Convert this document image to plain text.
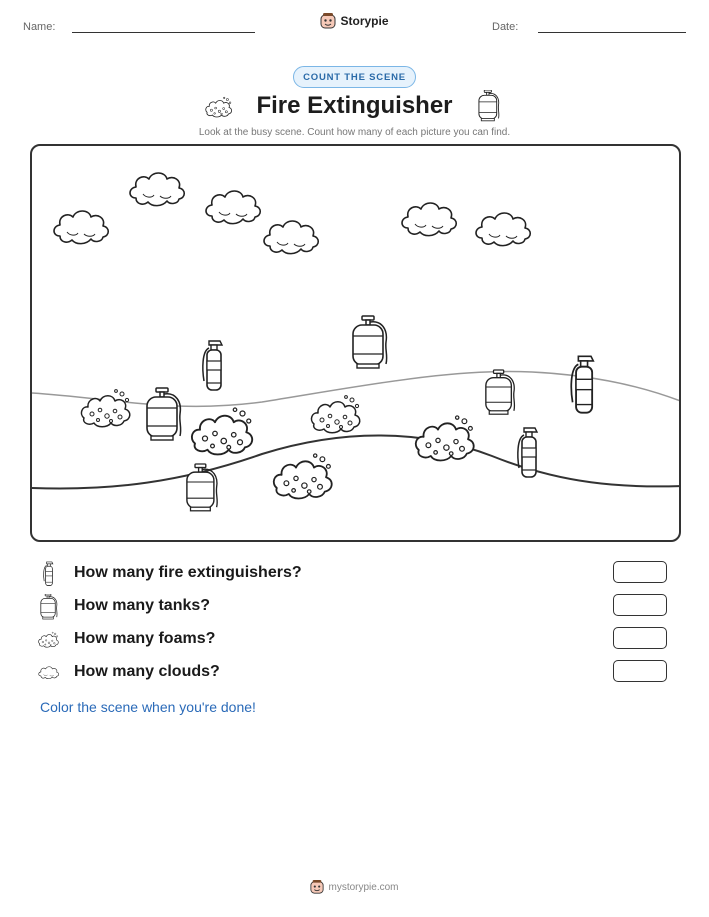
Name:	Storypie	Date:
COUNT THE SCENE
Fire Extinguisher
Look at the busy scene. Count how many of each picture you can find.
How many fire extinguishers?
How many tanks?
How many foams?
How many clouds?
Color the scene when you're done!
mystorypie.com
